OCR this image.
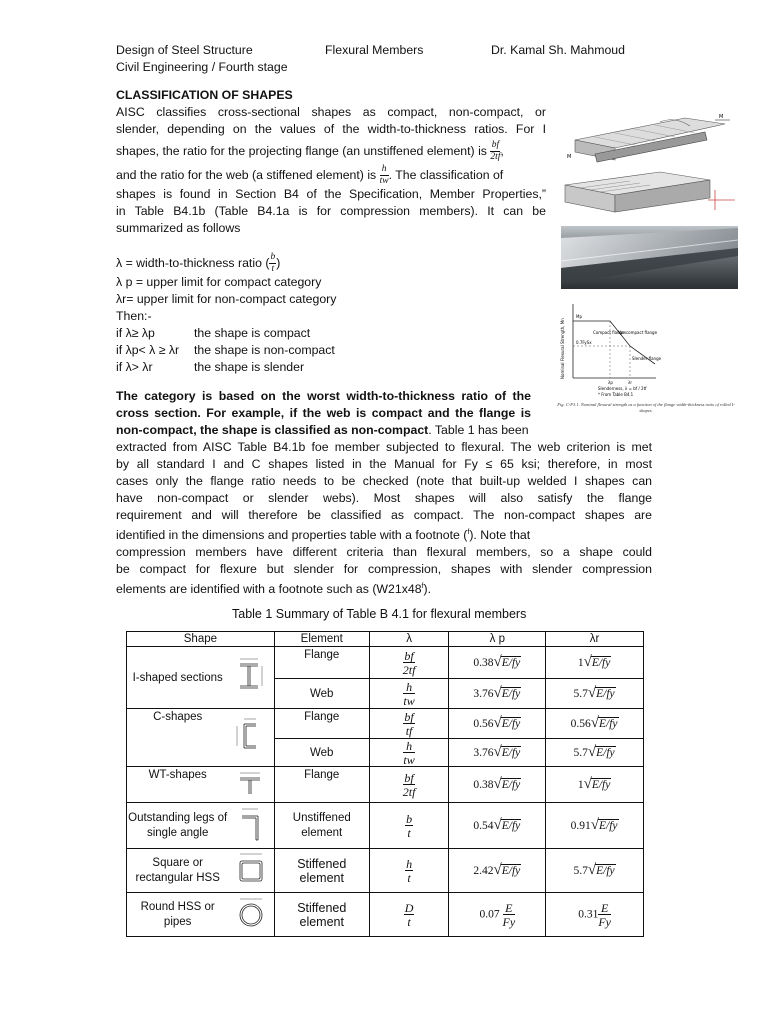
Design of Steel Structure	Flexural Members	Dr. Kamal Sh. Mahmoud
Civil Engineering / Fourth stage
CLASSIFICATION OF SHAPES
AISC classifies cross-sectional shapes as compact, non-compact, or
slender, depending on the values of the width-to-thickness ratios. For I
shapes, the ratio for the projecting flange (an unstiffened element) is $\frac{bf}{2tf}$ ,
and the ratio for the web (a stiffened element) is $\frac{h}{tw}$ . The classification of
shapes is found in Section B4 of the Specification, Member Properties,”
in Table B4.1b (Table B4.1a is for compression members). It can be
summarized as follows
λ = width-to-thickness ratio ( $\frac{b}{t}$ )
λ p = upper limit for compact category
λr= upper limit for non-compact category
Then:-
if λ≥ λp	the shape is compact
if λp< λ ≥ λr the shape is non-compact
if λ> λr	the shape is slender
The category is based on the worst width-to-thickness ratio of the
cross section. For example, if the web is compact and the flange is
non-compact, the shape is classified as non-compact. Table 1 has been
extracted from AISC Table B4.1b foe member subjected to flexural. The web criterion is met
by all standard I and C shapes listed in the Manual for Fy ≤ 65 ksi; therefore, in most
cases only the flange ratio needs to be checked (note that built-up welded I shapes can
have non-compact or slender webs). Most shapes will also satisfy the flange
requirement and will therefore be classified as compact. The non-compact shapes are
identified in the dimensions and properties table with a footnote ($^f$). Note that
compression members have different criteria than flexural members, so a shape could
be compact for flexure but slender for compression, shapes with slender compression
elements are identified with a footnote such as (W21x48$^f$).
M
M
Nominal Flexural Strength, Mn
Mp
0.7FySx
Compact flange
Noncompact flange
Slender flange
λp	λr
Slenderness, λ = bf / 2tf
* From Table B4.1
Fig. C-F3.1. Nominal flexural strength as a function of the flange width-thickness ratio of rolled I-shapes.
Table 1 Summary of Table B 4.1 for flexural members
Shape		Element	λ	λ p	λr
I-shaped sections		Flange	$\frac{bf}{2tf}$	0.38√E/fy	1√E/fy
		Web	$\frac{h}{tw}$	3.76√E/fy	5.7√E/fy
C-shapes		Flange	$\frac{bf}{tf}$	0.56√E/fy	0.56√E/fy
		Web	$\frac{h}{tw}$	3.76√E/fy	5.7√E/fy
WT-shapes		Flange	$\frac{bf}{2tf}$	0.38√E/fy	1√E/fy
Outstanding legs of single angle		Unstiffened element	$\frac{b}{t}$	0.54√E/fy	0.91√E/fy
Square or rectangular HSS		Stiffened element	$\frac{h}{t}$	2.42√E/fy	5.7√E/fy
Round HSS or pipes		Stiffened element	$\frac{D}{t}$	$0.07 \frac{E}{Fy}$	$0.31 \frac{E}{Fy}$
